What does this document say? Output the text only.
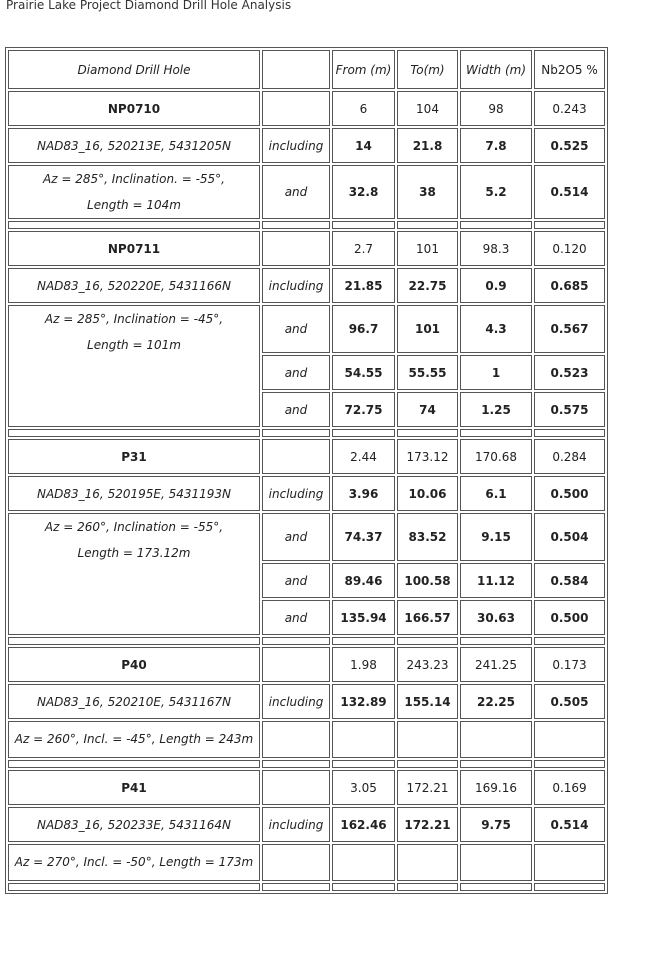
Prairie Lake Project Diamond Drill Hole Analysis
Diamond Drill Hole		From (m)	To(m)	Width (m)	Nb2O5 %
NP0710		6	104	98	0.243
NAD83_16, 520213E, 5431205N	including	14	21.8	7.8	0.525

Az = 285°, Inclination. = -55°,
Length = 104m	and	32.8	38	5.2	0.514

NP0711		2.7	101	98.3	0.120
NAD83_16, 520220E, 5431166N	including	21.85	22.75	0.9	0.685

Az = 285°, Inclination = -45°,
Length = 101m	and	96.7	101	4.3	0.567
	and	54.55	55.55	1	0.523
	and	72.75	74	1.25	0.575

P31		2.44	173.12	170.68	0.284
NAD83_16, 520195E, 5431193N	including	3.96	10.06	6.1	0.500

Az = 260°, Inclination = -55°,
Length = 173.12m	and	74.37	83.52	9.15	0.504
	and	89.46	100.58	11.12	0.584
	and	135.94	166.57	30.63	0.500

P40		1.98	243.23	241.25	0.173
NAD83_16, 520210E, 5431167N	including	132.89	155.14	22.25	0.505

Az = 260°, Incl. = -45°, Length = 243m					

P41		3.05	172.21	169.16	0.169
NAD83_16, 520233E, 5431164N	including	162.46	172.21	9.75	0.514

Az = 270°, Incl. = -50°, Length = 173m					
